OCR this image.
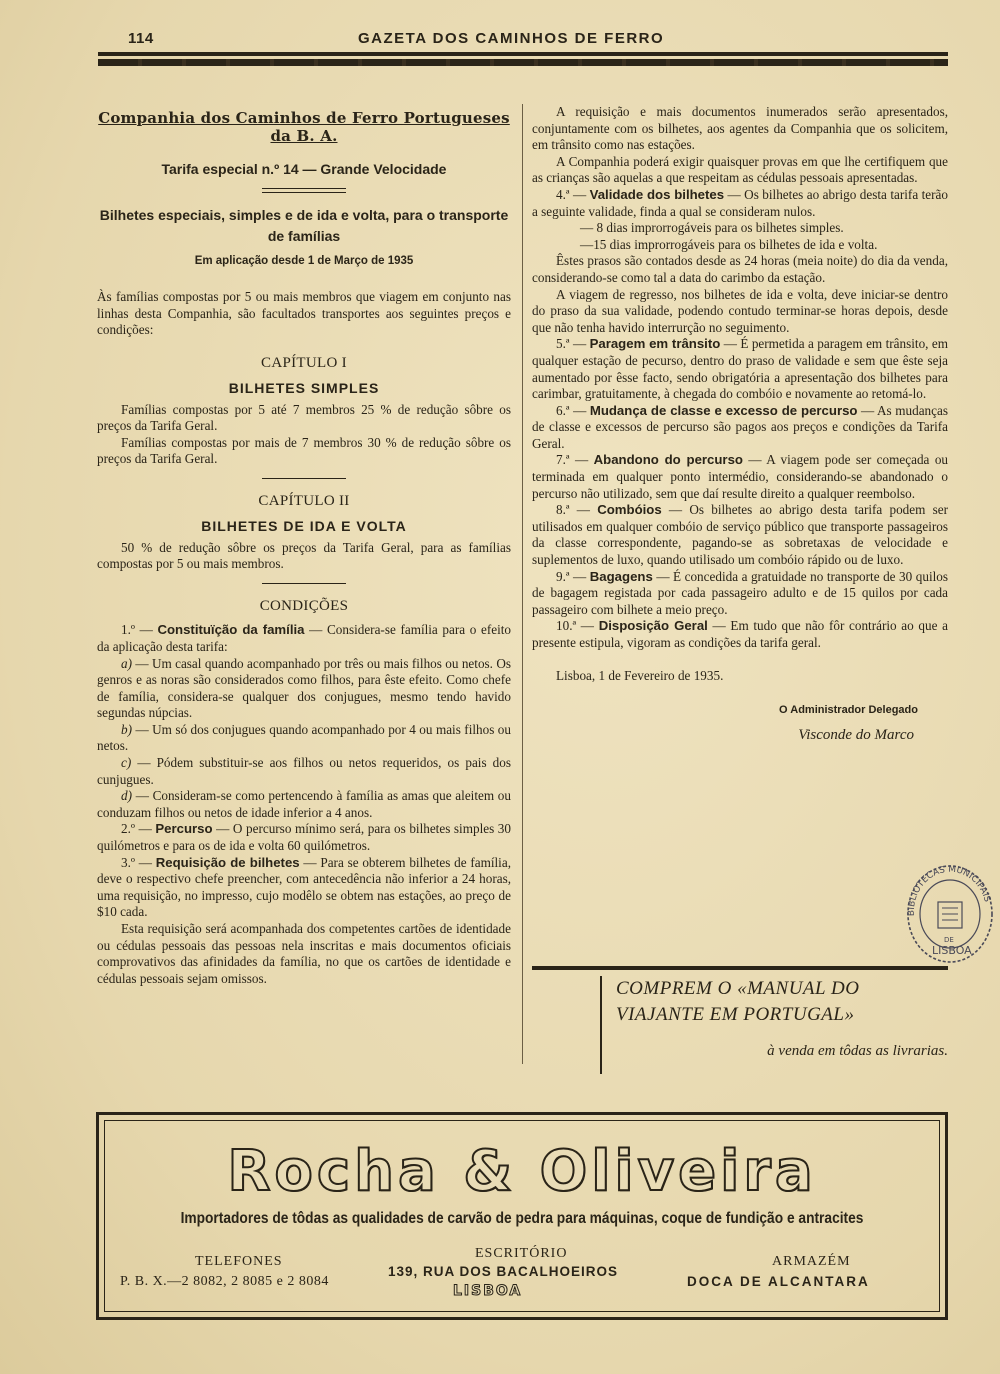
114	GAZETA DOS CAMINHOS DE FERRO
Companhia dos Caminhos de Ferro Portugueses da B. A.
Tarifa especial n.º 14 — Grande Velocidade
Bilhetes especiais, simples e de ida e volta, para o transporte de famílias
Em aplicação desde 1 de Março de 1935

Às famílias compostas por 5 ou mais membros que viagem em conjunto nas linhas desta Companhia, são facultados transportes aos seguintes preços e condições:

CAPÍTULO I
BILHETES SIMPLES

Famílias compostas por 5 até 7 membros 25 % de redução sôbre os preços da Tarifa Geral.

Famílias compostas por mais de 7 membros 30 % de redução sôbre os preços da Tarifa Geral.

CAPÍTULO II
BILHETES DE IDA E VOLTA

50 % de redução sôbre os preços da Tarifa Geral, para as famílias compostas por 5 ou mais membros.

CONDIÇÕES

1.º — Constituïção da família — Considera-se família para o efeito da aplicação desta tarifa:

a) — Um casal quando acompanhado por três ou mais filhos ou netos. Os genros e as noras são considerados como filhos, para êste efeito. Como chefe de família, considera-se qualquer dos conjugues, mesmo tendo havido segundas núpcias.

b) — Um só dos conjugues quando acompanhado por 4 ou mais filhos ou netos.

c) — Pódem substituir-se aos filhos ou netos requeridos, os pais dos cunjugues.

d) — Consideram-se como pertencendo à família as amas que aleitem ou conduzam filhos ou netos de idade inferior a 4 anos.

2.º — Percurso — O percurso mínimo será, para os bilhetes simples 30 quilómetros e para os de ida e volta 60 quilómetros.

3.º — Requisição de bilhetes — Para se obterem bilhetes de família, deve o respectivo chefe preencher, com antecedência não inferior a 24 horas, uma requisição, no impresso, cujo modêlo se obtem nas estações, ao preço de $10 cada.

Esta requisição será acompanhada dos competentes cartões de identidade ou cédulas pessoais das pessoas nela inscritas e mais documentos oficiais comprovativos das afinidades da família, no que os cartões de identidade e cédulas pessoais sejam omissos.

A requisição e mais documentos inumerados serão apresentados, conjuntamente com os bilhetes, aos agentes da Companhia que os solicitem, em trânsito como nas estações.

A Companhia poderá exigir quaisquer provas em que lhe certifiquem que as crianças são aquelas a que respeitam as cédulas pessoais apresentadas.

4.ª — Validade dos bilhetes — Os bilhetes ao abrigo desta tarifa terão a seguinte validade, finda a qual se consideram nulos.

— 8 dias improrrogáveis para os bilhetes simples.

—15 dias improrrogáveis para os bilhetes de ida e volta.

Êstes prasos são contados desde as 24 horas (meia noite) do dia da venda, considerando-se como tal a data do carimbo da estação.

A viagem de regresso, nos bilhetes de ida e volta, deve iniciar-se dentro do praso da sua validade, podendo contudo terminar-se horas depois, desde que não tenha havido interrurção no seguimento.

5.ª — Paragem em trânsito — É permetida a paragem em trânsito, em qualquer estação de pecurso, dentro do praso de validade e sem que êste seja aumentado por êsse facto, sendo obrigatória a apresentação dos bilhetes para carimbar, gratuitamente, à chegada do combóio e novamente ao retomá-lo.

6.ª — Mudança de classe e excesso de percurso — As mudanças de classe e excessos de percurso são pagos aos preços e condições da Tarifa Geral.

7.ª — Abandono do percurso — A viagem pode ser começada ou terminada em qualquer ponto intermédio, considerando-se abandonado o percurso não utilizado, sem que daí resulte direito a qualquer reembolso.

8.ª — Combóios — Os bilhetes ao abrigo desta tarifa podem ser utilisados em qualquer combóio de serviço público que transporte passageiros da classe correspondente, pagando-se as sobretaxas de velocidade e suplementos de luxo, quando utilisado um combóio rápido ou de luxo.

9.ª — Bagagens — É concedida a gratuidade no transporte de 30 quilos de bagagem registada por cada passageiro adulto e de 15 quilos por cada passageiro com bilhete a meio preço.

10.ª — Disposição Geral — Em tudo que não fôr contrário ao que a presente estipula, vigoram as condições da tarifa geral.

Lisboa, 1 de Fevereiro de 1935.

O Administrador Delegado

Visconde do Marco

BIBLIOTECAS MUNICIPAIS
DE
LISBOA
COMPREM O «MANUAL DO VIAJANTE EM PORTUGAL»
à venda em tôdas as livrarias.
Rocha & Oliveira
Importadores de tôdas as qualidades de carvão de pedra para máquinas, coque de fundição e antracites
TELEFONES
P. B. X.—2 8082, 2 8085 e 2 8084
ESCRITÓRIO
139, RUA DOS BACALHOEIROS
LISBOA
ARMAZÉM
DOCA DE ALCANTARA
